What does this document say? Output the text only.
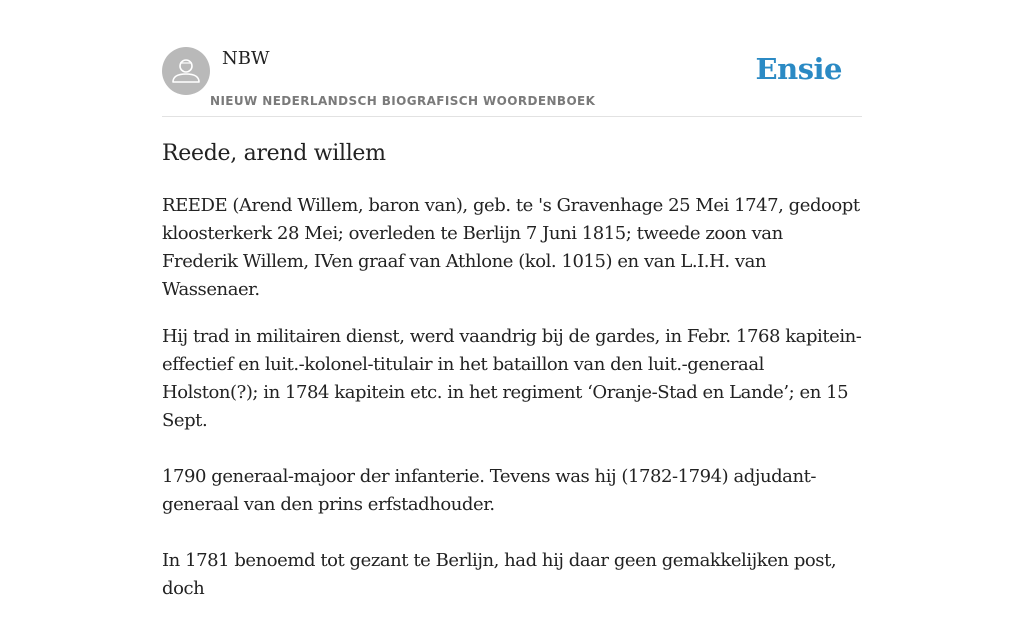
NBW
NIEUW NEDERLANDSCH BIOGRAFISCH WOORDENBOEK
Ensie
Reede, arend willem

REEDE (Arend Willem, baron van), geb. te 's Gravenhage 25 Mei 1747, gedoopt kloosterkerk 28 Mei; overleden te Berlijn 7 Juni 1815; tweede zoon van Frederik Willem, IVen graaf van Athlone (kol. 1015) en van L.I.H. van Wassenaer.

Hij trad in militairen dienst, werd vaandrig bij de gardes, in Febr. 1768 kapitein-effectief en luit.-kolonel-titulair in het bataillon van den luit.-generaal Holston(?); in 1784 kapitein etc. in het regiment ‘Oranje-Stad en Lande’; en 15 Sept.

1790 generaal-majoor der infanterie. Tevens was hij (1782-1794) adjudant-generaal van den prins erfstadhouder.

In 1781 benoemd tot gezant te Berlijn, had hij daar geen gemakkelijken post, doch
